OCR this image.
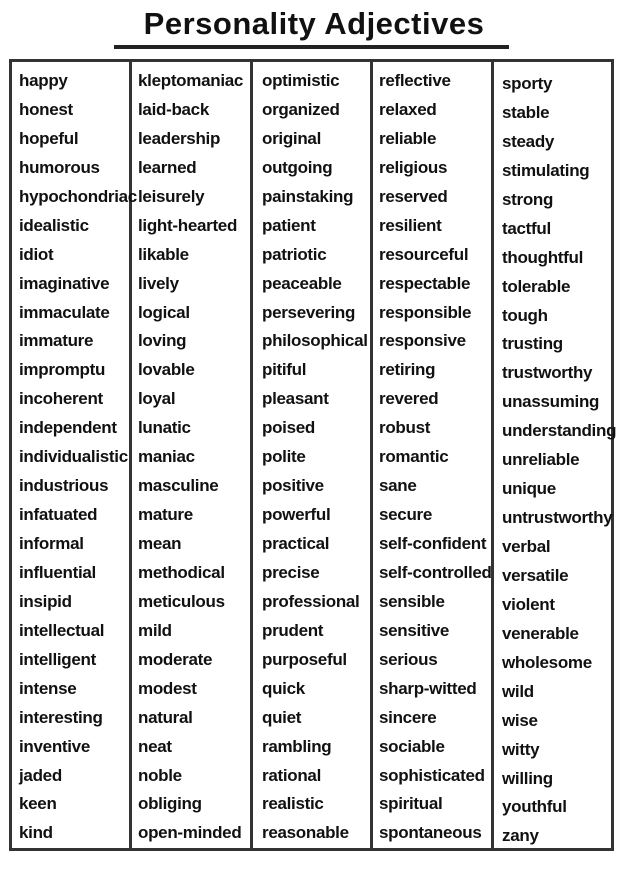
Personality Adjectives
happy
honest
hopeful
humorous
hypochondriac
idealistic
idiot
imaginative
immaculate
immature
impromptu
incoherent
independent
individualistic
industrious
infatuated
informal
influential
insipid
intellectual
intelligent
intense
interesting
inventive
jaded
keen
kind
kleptomaniac
laid-back
leadership
learned
leisurely
light-hearted
likable
lively
logical
loving
lovable
loyal
lunatic
maniac
masculine
mature
mean
methodical
meticulous
mild
moderate
modest
natural
neat
noble
obliging
open-minded
optimistic
organized
original
outgoing
painstaking
patient
patriotic
peaceable
persevering
philosophical
pitiful
pleasant
poised
polite
positive
powerful
practical
precise
professional
prudent
purposeful
quick
quiet
rambling
rational
realistic
reasonable
reflective
relaxed
reliable
religious
reserved
resilient
resourceful
respectable
responsible
responsive
retiring
revered
robust
romantic
sane
secure
self-confident
self-controlled
sensible
sensitive
serious
sharp-witted
sincere
sociable
sophisticated
spiritual
spontaneous
sporty
stable
steady
stimulating
strong
tactful
thoughtful
tolerable
tough
trusting
trustworthy
unassuming
understanding
unreliable
unique
untrustworthy
verbal
versatile
violent
venerable
wholesome
wild
wise
witty
willing
youthful
zany
